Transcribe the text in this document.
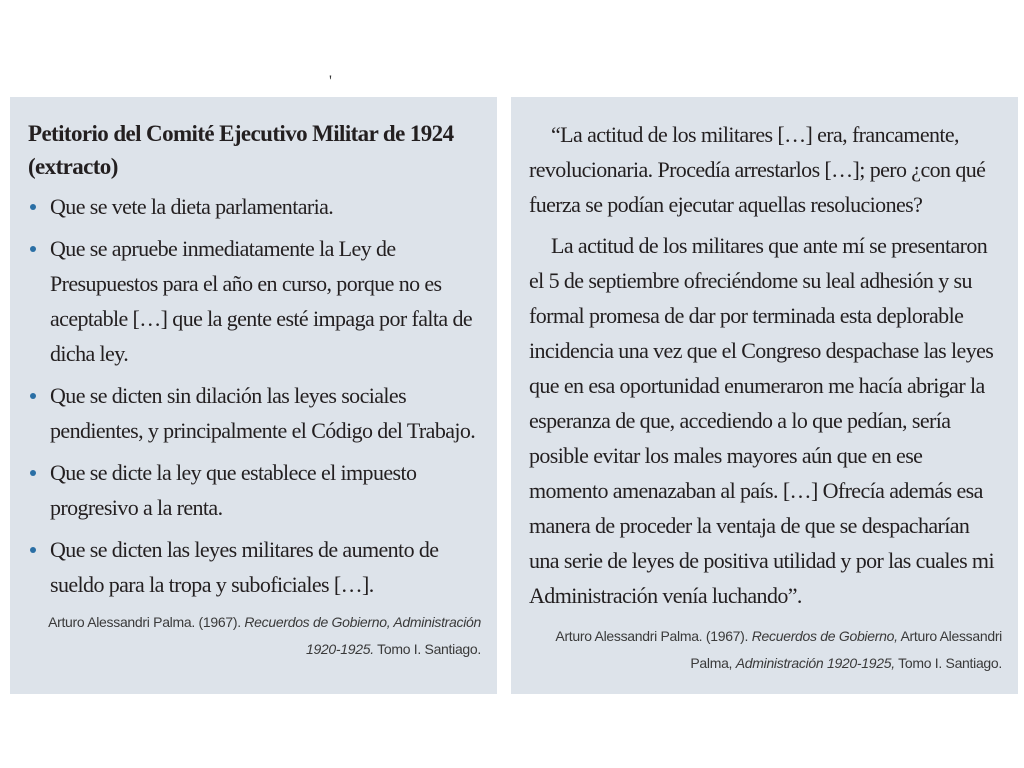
'
Petitorio del Comité Ejecutivo Militar de 1924 (extracto)
Que se vete la dieta parlamentaria.
Que se apruebe inmediatamente la Ley de Presupuestos para el año en curso, porque no es aceptable […] que la gente esté impaga por falta de dicha ley.
Que se dicten sin dilación las leyes sociales pendientes, y principalmente el Código del Trabajo.
Que se dicte la ley que establece el impuesto progresivo a la renta.
Que se dicten las leyes militares de aumento de sueldo para la tropa y suboficiales […].
Arturo Alessandri Palma. (1967). Recuerdos de Gobierno, Administración 1920-1925. Tomo I. Santiago.

“La actitud de los militares […] era, francamente, revolucionaria. Procedía arrestarlos […]; pero ¿con qué fuerza se podían ejecutar aquellas resoluciones?

La actitud de los militares que ante mí se presentaron el 5 de septiembre ofreciéndome su leal adhesión y su formal promesa de dar por terminada esta deplorable incidencia una vez que el Congreso despachase las leyes que en esa oportunidad enumeraron me hacía abrigar la esperanza de que, accediendo a lo que pedían, sería posible evitar los males mayores aún que en ese momento amenazaban al país. […] Ofrecía además esa manera de proceder la ventaja de que se despacharían una serie de leyes de positiva utilidad y por las cuales mi Administración venía luchando”.

Arturo Alessandri Palma. (1967). Recuerdos de Gobierno, Arturo Alessandri Palma, Administración 1920-1925, Tomo I. Santiago.
